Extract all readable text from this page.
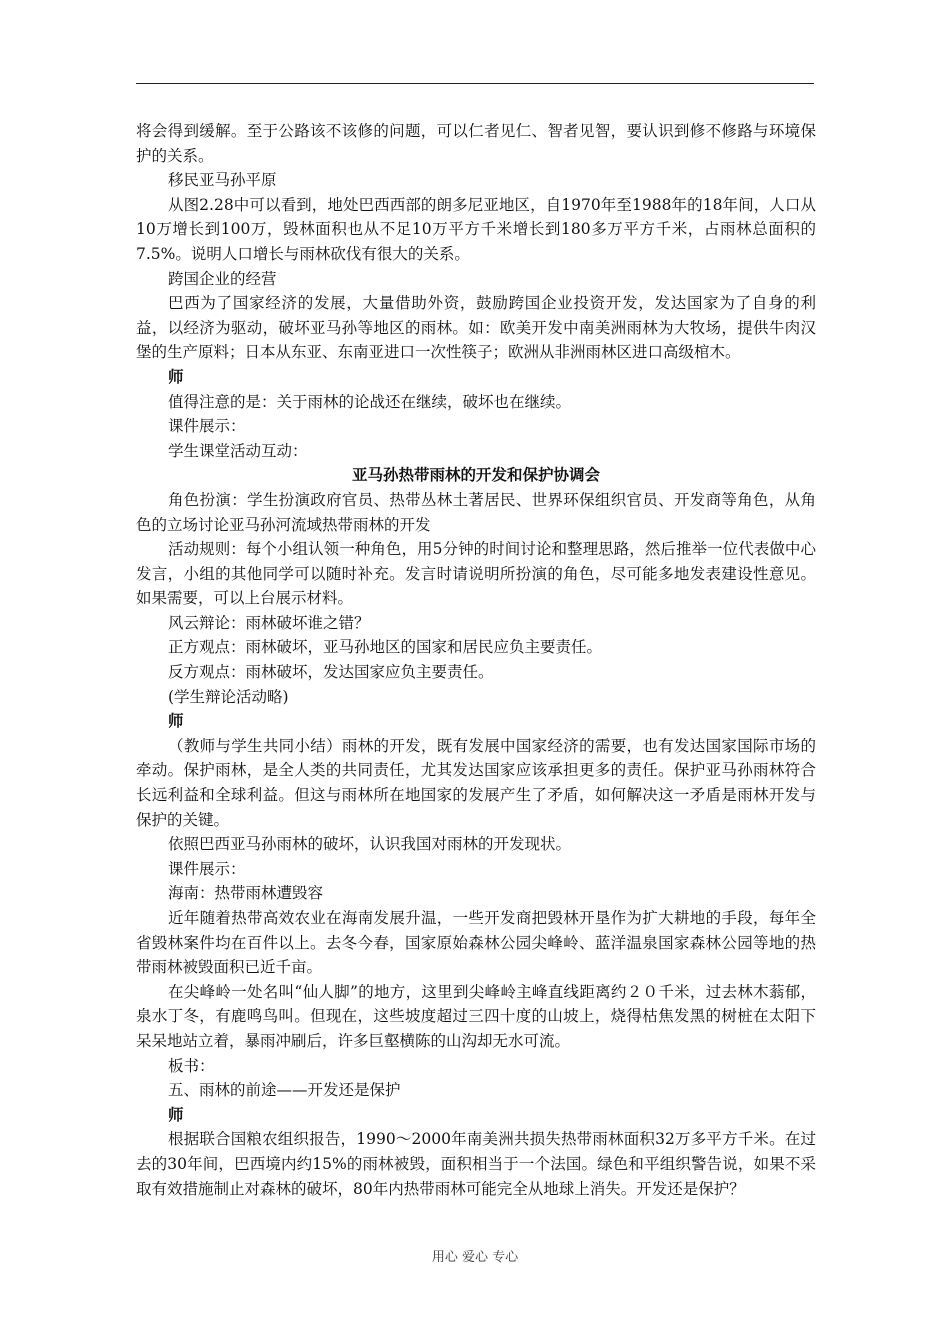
将会得到缓解。至于公路该不该修的问题，可以仁者见仁、智者见智，要认识到修不修路与环境保护的关系。

移民亚马孙平原

从图2.28中可以看到，地处巴西西部的朗多尼亚地区，自1970年至1988年的18年间，人口从10万增长到100万，毁林面积也从不足10万平方千米增长到180多万平方千米，占雨林总面积的7.5%。说明人口增长与雨林砍伐有很大的关系。

跨国企业的经营

巴西为了国家经济的发展，大量借助外资，鼓励跨国企业投资开发，发达国家为了自身的利益，以经济为驱动，破坏亚马孙等地区的雨林。如：欧美开发中南美洲雨林为大牧场，提供牛肉汉堡的生产原料；日本从东亚、东南亚进口一次性筷子；欧洲从非洲雨林区进口高级棺木。

师

值得注意的是：关于雨林的论战还在继续，破坏也在继续。

课件展示：

学生课堂活动互动：

亚马孙热带雨林的开发和保护协调会

角色扮演：学生扮演政府官员、热带丛林土著居民、世界环保组织官员、开发商等角色，从角色的立场讨论亚马孙河流域热带雨林的开发

活动规则：每个小组认领一种角色，用5分钟的时间讨论和整理思路，然后推举一位代表做中心发言，小组的其他同学可以随时补充。发言时请说明所扮演的角色，尽可能多地发表建设性意见。如果需要，可以上台展示材料。

风云辩论：雨林破坏谁之错？

正方观点：雨林破坏，亚马孙地区的国家和居民应负主要责任。

反方观点：雨林破坏，发达国家应负主要责任。

(学生辩论活动略)

师

（教师与学生共同小结）雨林的开发，既有发展中国家经济的需要，也有发达国家国际市场的牵动。保护雨林，是全人类的共同责任，尤其发达国家应该承担更多的责任。保护亚马孙雨林符合长远利益和全球利益。但这与雨林所在地国家的发展产生了矛盾，如何解决这一矛盾是雨林开发与保护的关键。

依照巴西亚马孙雨林的破坏，认识我国对雨林的开发现状。

课件展示：

海南：热带雨林遭毁容

近年随着热带高效农业在海南发展升温，一些开发商把毁林开垦作为扩大耕地的手段，每年全省毁林案件均在百件以上。去冬今春，国家原始森林公园尖峰岭、蓝洋温泉国家森林公园等地的热带雨林被毁面积已近千亩。

在尖峰岭一处名叫“仙人脚”的地方，这里到尖峰岭主峰直线距离约２０千米，过去林木蓊郁，泉水丁冬，有鹿鸣鸟叫。但现在，这些坡度超过三四十度的山坡上，烧得枯焦发黑的树桩在太阳下呆呆地站立着，暴雨冲刷后，许多巨壑横陈的山沟却无水可流。

板书：

五、雨林的前途——开发还是保护

师

根据联合国粮农组织报告，1990～2000年南美洲共损失热带雨林面积32万多平方千米。在过去的30年间，巴西境内约15%的雨林被毁，面积相当于一个法国。绿色和平组织警告说，如果不采取有效措施制止对森林的破坏，80年内热带雨林可能完全从地球上消失。开发还是保护？

用心 爱心 专心
